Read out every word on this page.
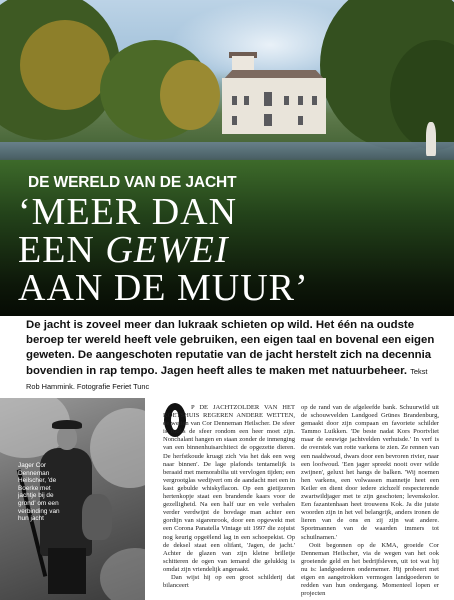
DE WERELD VAN DE JACHT
‘MEER DAN
EEN GEWEI
AAN DE MUUR’

De jacht is zoveel meer dan lukraak schieten op wild. Het één na oudste beroep ter wereld heeft vele gebruiken, een eigen taal en bovenal een eigen geweten. De aangeschoten reputatie van de jacht herstelt zich na decennia bovendien in rap tempo. Jagen heeft alles te maken met natuurbeheer. Tekst Rob Hammink. Fotografie Feriet Tunc

Jager Cor Denneman Heilscher, 'de Boerke met jachtje bij de grond' om een verbinding van hun jacht

P DE JACHTZOLDER VAN HET KOETSHUIS REGEREN ANDERE WETTEN, de wetten van Cor Denneman Heilscher. De sfeer is rooks de sfeer rondom een heer moet zijn. Nonchalant hangen en staan zonder de inmenging van een binnenhuisarchitect de opgezette dieren. De herfstkoude kruagt zich 'via het dak een weg naar binnen'. De lage plafonds tentamelijk is beraaid met memorabilia uit vervlogen tijden; een vergrootglas wedijvert om de aandacht met een in kast gebulde whiskyflacon. Op een gietijzeren hertenkopje staat een brandende kaars voor de gezelligheid. Na een half uur en vele verhalen verder verdwijnt de bovdage man achter een gordijn van sigarenrook, door een opgewekt met een Corona Panatella Vintage uit 1997 die zojuist nog keurig opgeëlend lag in een schoepekist. Op de deksel staat een olifant, 'Jagen, de jacht.' Achter de glazen van zijn kleine brilletje schitteren de ogen van iemand die gelukkig is omdat zijn vriendelijk angeraakt.

Dan wijst hij op een groot schilderij dat bilanceert

op de rand van de afgeleefde bank. Schuurwild uit de schouwvelden Landgoed Grünes Brandenburg, gemaakt door zijn compaan en favoriete schilder Tammo Luikken. 'De beste nadat Kors Poortvliet maar de eeuwige jachtvelden verhuisde.' In verf is de overstek van rotte varkens te zien. Ze rennen van een naaldwoud, dwars door een bevroren rivier, naar een loofwoud. 'Een jager spreekt nooit over wilde zwijnen', geluxt het hangs de balken. 'Wij noemen hen varkens, een volwassen mannetje heet een Keiler en dient door iedere zichzelf respecterende zwartwildjager met te zijn geschoten; levenskolor. Een fazantenhaan heet trouwens Kok. Ja die juiste woorden zijn in het vel belangrijk, anders ironen de lieren van de ons en zij zijn wat andere. Sportmannen van de waarden immers tot schuilnamen.'

Ooit begonnen op de KMA, groeide Cor Denneman Heilscher, via de wegen van het ook groeiende geld en het bedrijfsleven, uit tot wat hij nu is: landgoederen ondernemer. Hij probeert met eigen en aangetrokken vermogen landgoederen te redden van hun ondergang. Momenteel lopen er projecten
